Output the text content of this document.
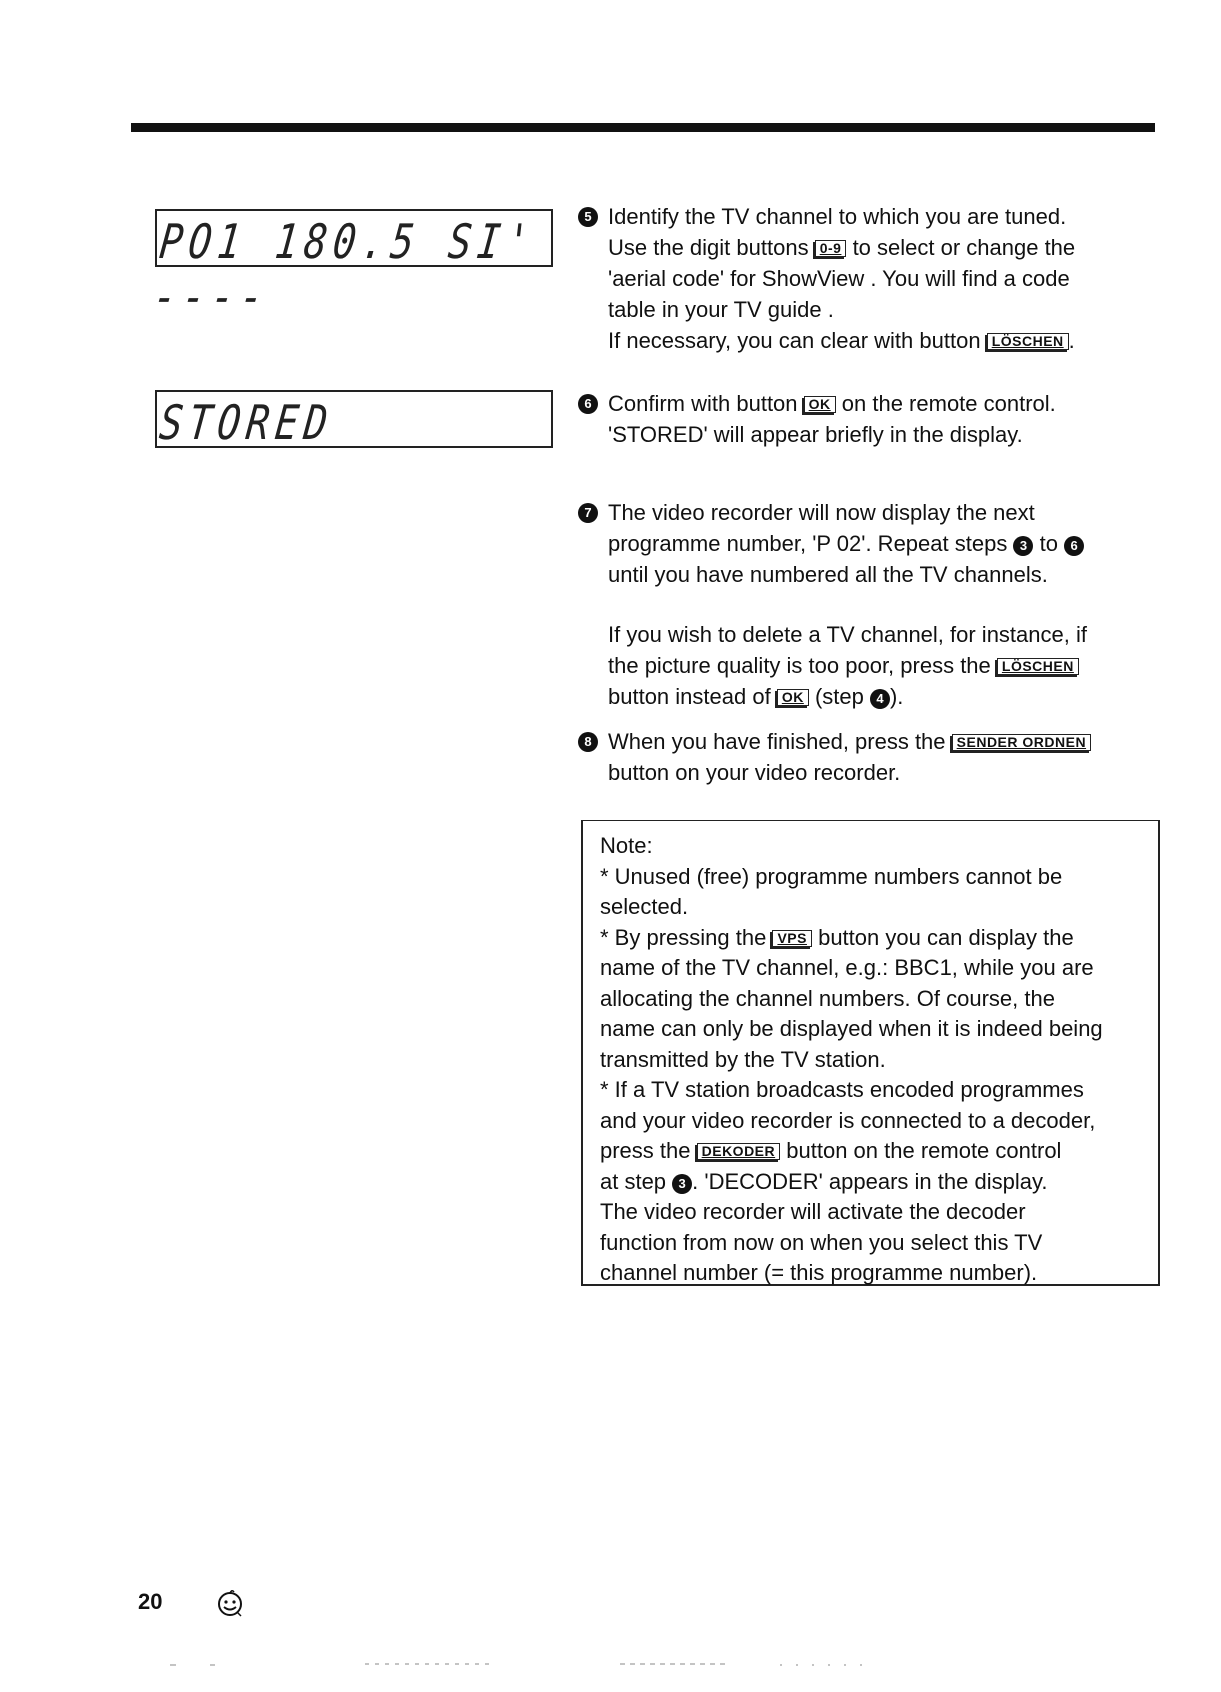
PO1 180.5 SI' ----
STORED
5 Identify the TV channel to which you are tuned.

Use the digit buttons 0-9 to select or change the

'aerial code' for ShowView . You will find a code

table in your TV guide .

If necessary, you can clear with button LÖSCHEN .

6 Confirm with button OK on the remote control.

'STORED' will appear briefly in the display.

7 The video recorder will now display the next

programme number, 'P 02'. Repeat steps 3 to 6

until you have numbered all the TV channels.

If you wish to delete a TV channel, for instance, if

the picture quality is too poor, press the LÖSCHEN

button instead of OK (step 4 ).

8 When you have finished, press the SENDER ORDNEN

button on your video recorder.

Note:

* Unused (free) programme numbers cannot be

selected.

* By pressing the VPS button you can display the

name of the TV channel, e.g.: BBC1, while you are

allocating the channel numbers. Of course, the

name can only be displayed when it is indeed being

transmitted by the TV station.

* If a TV station broadcasts encoded programmes

and your video recorder is connected to a decoder,

press the DEKODER button on the remote control

at step 3 . 'DECODER' appears in the display.

The video recorder will activate the decoder

function from now on when you select this TV

channel number (= this programme number).

20
